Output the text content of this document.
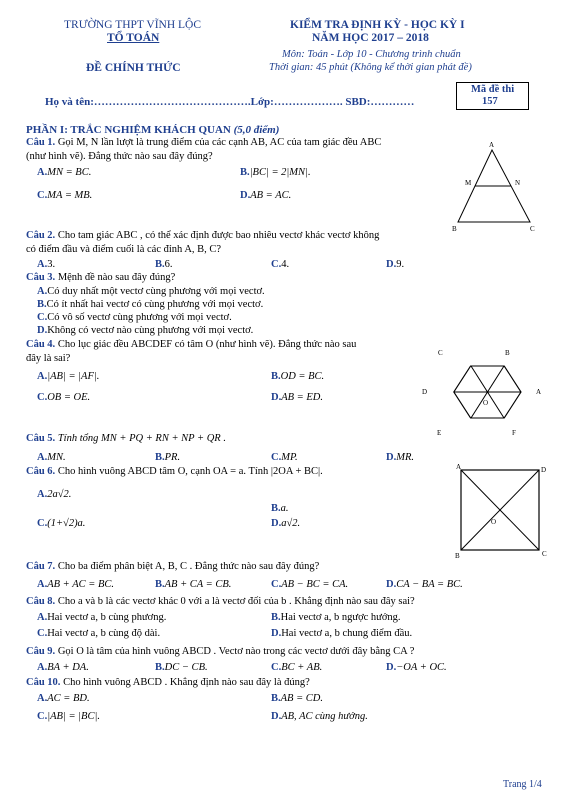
TRƯỜNG THPT VĨNH LỘC
TỔ TOÁN
ĐỀ CHÍNH THỨC
KIỂM TRA ĐỊNH KỲ - HỌC KỲ I
NĂM HỌC 2017 – 2018
Môn: Toán - Lớp 10 - Chương trình chuẩn
Thời gian: 45 phút (Không kể thời gian phát đề)
Mã đề thi
157
Họ và tên:…………………………………….Lớp:………………. SBD:…………
PHẦN I: TRẮC NGHIỆM KHÁCH QUAN (5,0 điểm)
Câu 1. Gọi M, N lần lượt là trung điểm của các cạnh AB, AC của tam giác đều ABC
(như hình vẽ). Đẳng thức nào sau đây đúng?
A.MN = BC.	B.|BC| = 2|MN|.
C.MA = MB.	D.AB = AC.
A
M	N
B	C
Câu 2. Cho tam giác ABC , có thể xác định được bao nhiêu vectơ khác vectơ không
có điểm đầu và điểm cuối là các đỉnh A, B, C?
A.3.	B.6.	C.4.	D.9.
Câu 3. Mệnh đề nào sau đây đúng?
A.Có duy nhất một vectơ cùng phương với mọi vectơ.
B.Có ít nhất hai vectơ có cùng phương với mọi vectơ.
C.Có vô số vectơ cùng phương với mọi vectơ.
D.Không có vectơ nào cùng phương với mọi vectơ.
Câu 4. Cho lục giác đều ABCDEF có tâm O (như hình vẽ). Đẳng thức nào sau
đây là sai?
A.|AB| = |AF|.	B.OD = BC.
C.OB = OE.	D.AB = ED.
C	B
D	A
O
E	F
Câu 5. Tính tổng MN + PQ + RN + NP + QR .
A.MN.	B.PR.	C.MP.	D.MR.
Câu 6. Cho hình vuông ABCD tâm O, cạnh OA = a. Tính |2OA + BC|.
A.2a√2.
B.a.
C.(1+√2)a.	D.a√2.
A	D
O
B	C
Câu 7. Cho ba điểm phân biệt A, B, C . Đẳng thức nào sau đây đúng?
A.AB + AC = BC.	B.AB + CA = CB.	C.AB − BC = CA.	D.CA − BA = BC.
Câu 8. Cho a và b là các vectơ khác 0 với a là vectơ đối của b . Khẳng định nào sau đây sai?
A.Hai vectơ a, b cùng phương.	B.Hai vectơ a, b ngược hướng.
C.Hai vectơ a, b cùng độ dài.	D.Hai vectơ a, b chung điểm đầu.
Câu 9. Gọi O là tâm của hình vuông ABCD . Vectơ nào trong các vectơ dưới đây bằng CA ?
A.BA + DA.	B.DC − CB.	C.BC + AB.	D.−OA + OC.
Câu 10. Cho hình vuông ABCD . Khẳng định nào sau đây là đúng?
A.AC = BD.	B.AB = CD.
C.|AB| = |BC|.	D.AB, AC cùng hướng.
Trang 1/4
